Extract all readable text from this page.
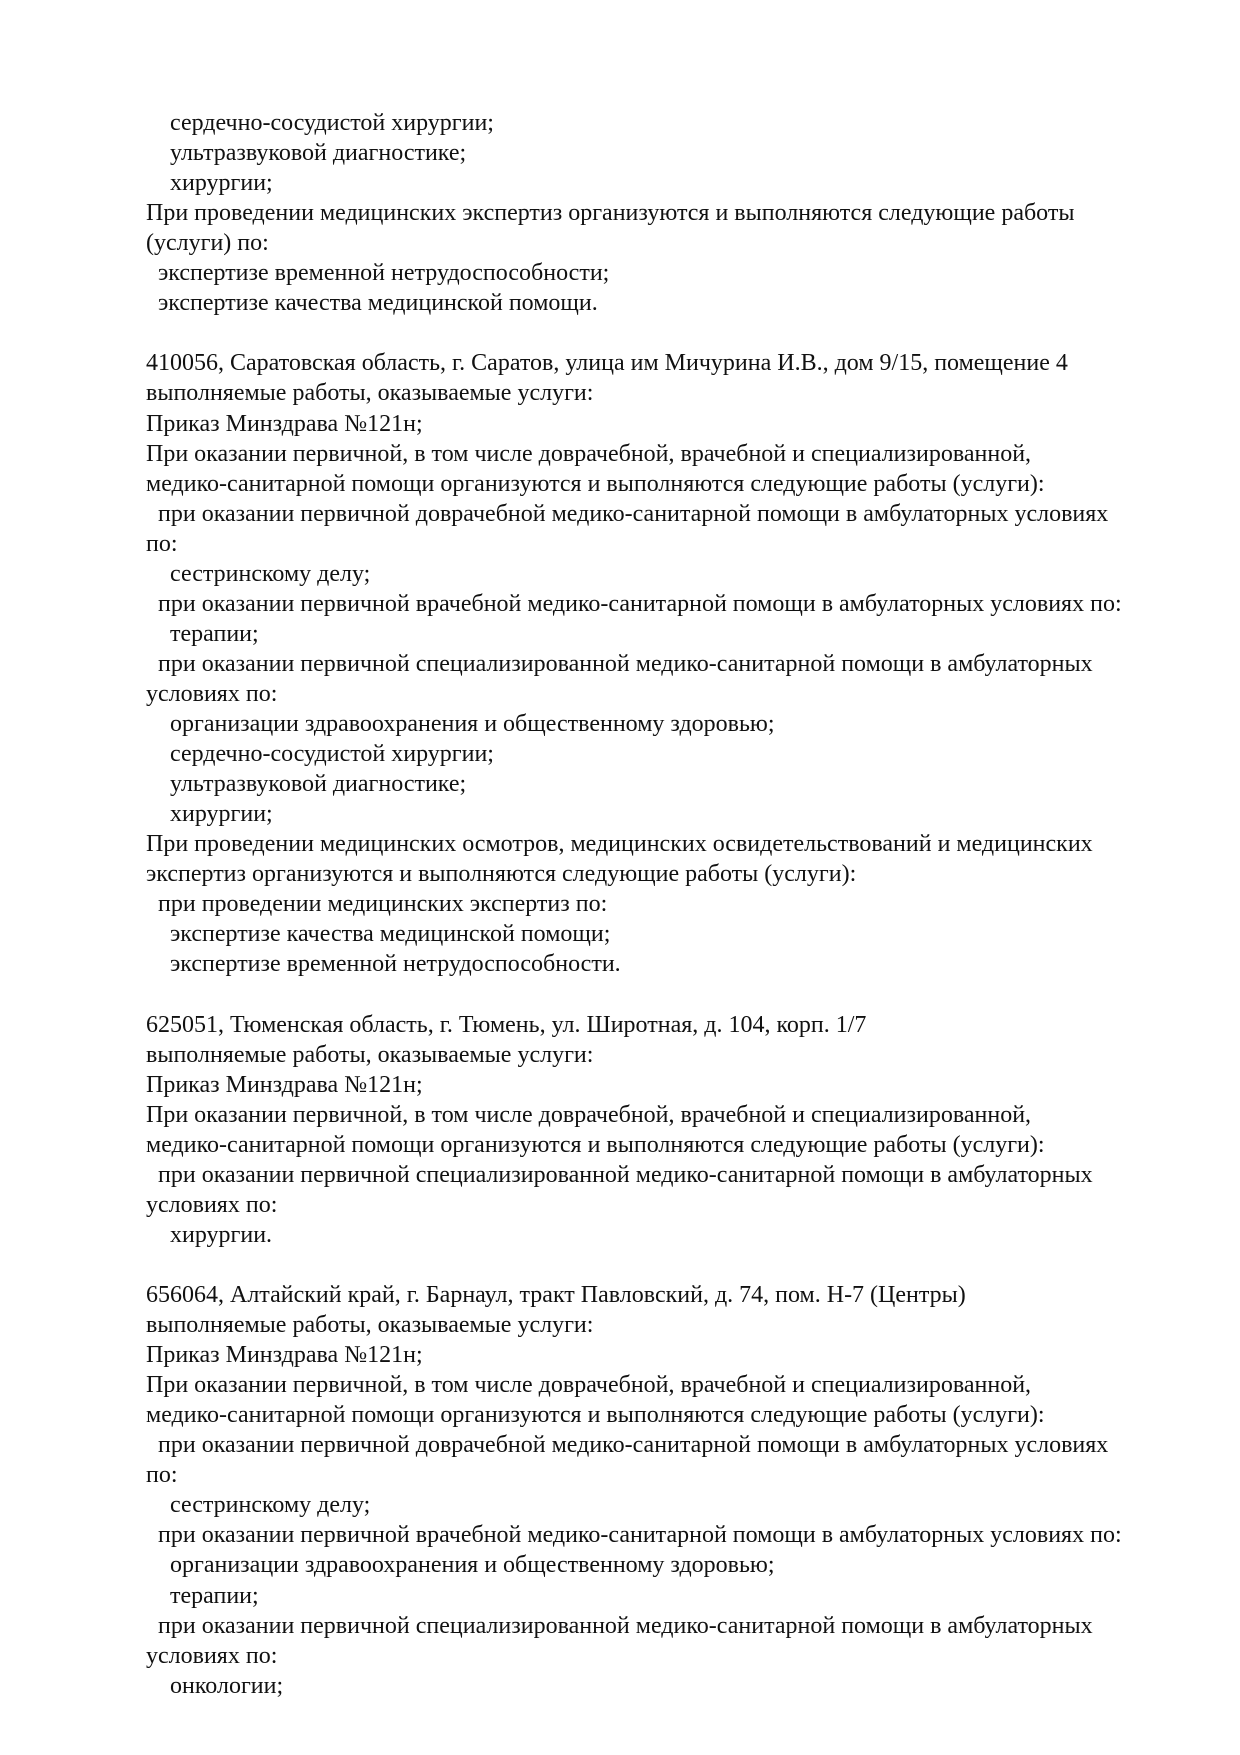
сердечно-сосудистой хирургии;
ультразвуковой диагностике;
хирургии;
При проведении медицинских экспертиз организуются и выполняются следующие работы
(услуги) по:
экспертизе временной нетрудоспособности;
экспертизе качества медицинской помощи.
410056, Саратовская область, г. Саратов, улица им Мичурина И.В., дом 9/15, помещение 4
выполняемые работы, оказываемые услуги:
Приказ Минздрава №121н;
При оказании первичной, в том числе доврачебной, врачебной и специализированной,
медико-санитарной помощи организуются и выполняются следующие работы (услуги):
при оказании первичной доврачебной медико-санитарной помощи в амбулаторных условиях
по:
сестринскому делу;
при оказании первичной врачебной медико-санитарной помощи в амбулаторных условиях по:
терапии;
при оказании первичной специализированной медико-санитарной помощи в амбулаторных
условиях по:
организации здравоохранения и общественному здоровью;
сердечно-сосудистой хирургии;
ультразвуковой диагностике;
хирургии;
При проведении медицинских осмотров, медицинских освидетельствований и медицинских
экспертиз организуются и выполняются следующие работы (услуги):
при проведении медицинских экспертиз по:
экспертизе качества медицинской помощи;
экспертизе временной нетрудоспособности.
625051, Тюменская область, г. Тюмень, ул. Широтная, д. 104, корп. 1/7
выполняемые работы, оказываемые услуги:
Приказ Минздрава №121н;
При оказании первичной, в том числе доврачебной, врачебной и специализированной,
медико-санитарной помощи организуются и выполняются следующие работы (услуги):
при оказании первичной специализированной медико-санитарной помощи в амбулаторных
условиях по:
хирургии.
656064, Алтайский край, г. Барнаул, тракт Павловский, д. 74, пом. Н-7 (Центры)
выполняемые работы, оказываемые услуги:
Приказ Минздрава №121н;
При оказании первичной, в том числе доврачебной, врачебной и специализированной,
медико-санитарной помощи организуются и выполняются следующие работы (услуги):
при оказании первичной доврачебной медико-санитарной помощи в амбулаторных условиях
по:
сестринскому делу;
при оказании первичной врачебной медико-санитарной помощи в амбулаторных условиях по:
организации здравоохранения и общественному здоровью;
терапии;
при оказании первичной специализированной медико-санитарной помощи в амбулаторных
условиях по:
онкологии;
